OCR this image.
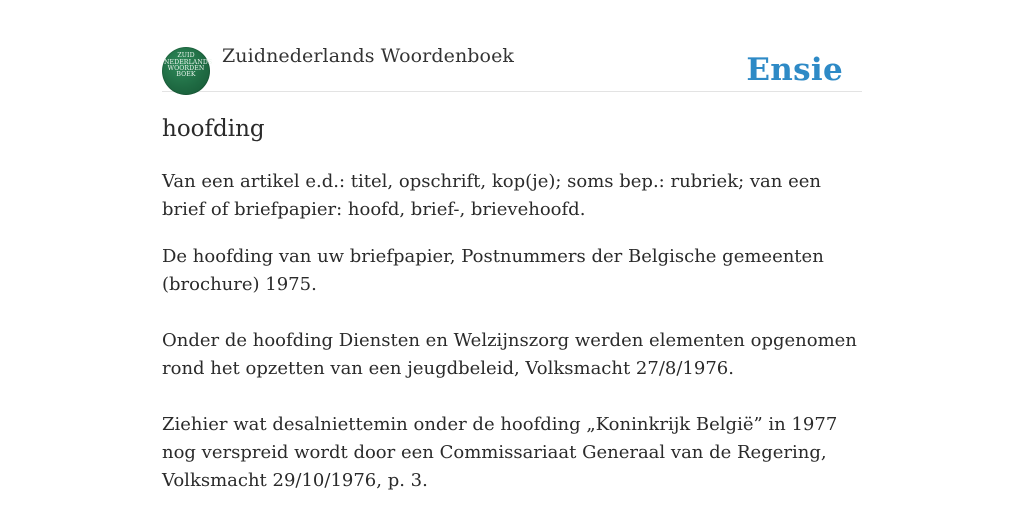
ZUID
NEDERLANDS
WOORDEN
BOEK
Zuidnederlands Woordenboek	Ensie
hoofding

Van een artikel e.d.: titel, opschrift, kop(je); soms bep.: rubriek; van een brief of briefpapier: hoofd, brief-, brievehoofd.

De hoofding van uw briefpapier, Postnummers der Belgische gemeenten (brochure) 1975.

Onder de hoofding Diensten en Welzijnszorg werden elementen opgenomen rond het opzetten van een jeugdbeleid, Volksmacht 27/8/1976.

Ziehier wat desalniettemin onder de hoofding „Koninkrijk België” in 1977 nog verspreid wordt door een Commissariaat Generaal van de Regering, Volksmacht 29/10/1976, p. 3.
